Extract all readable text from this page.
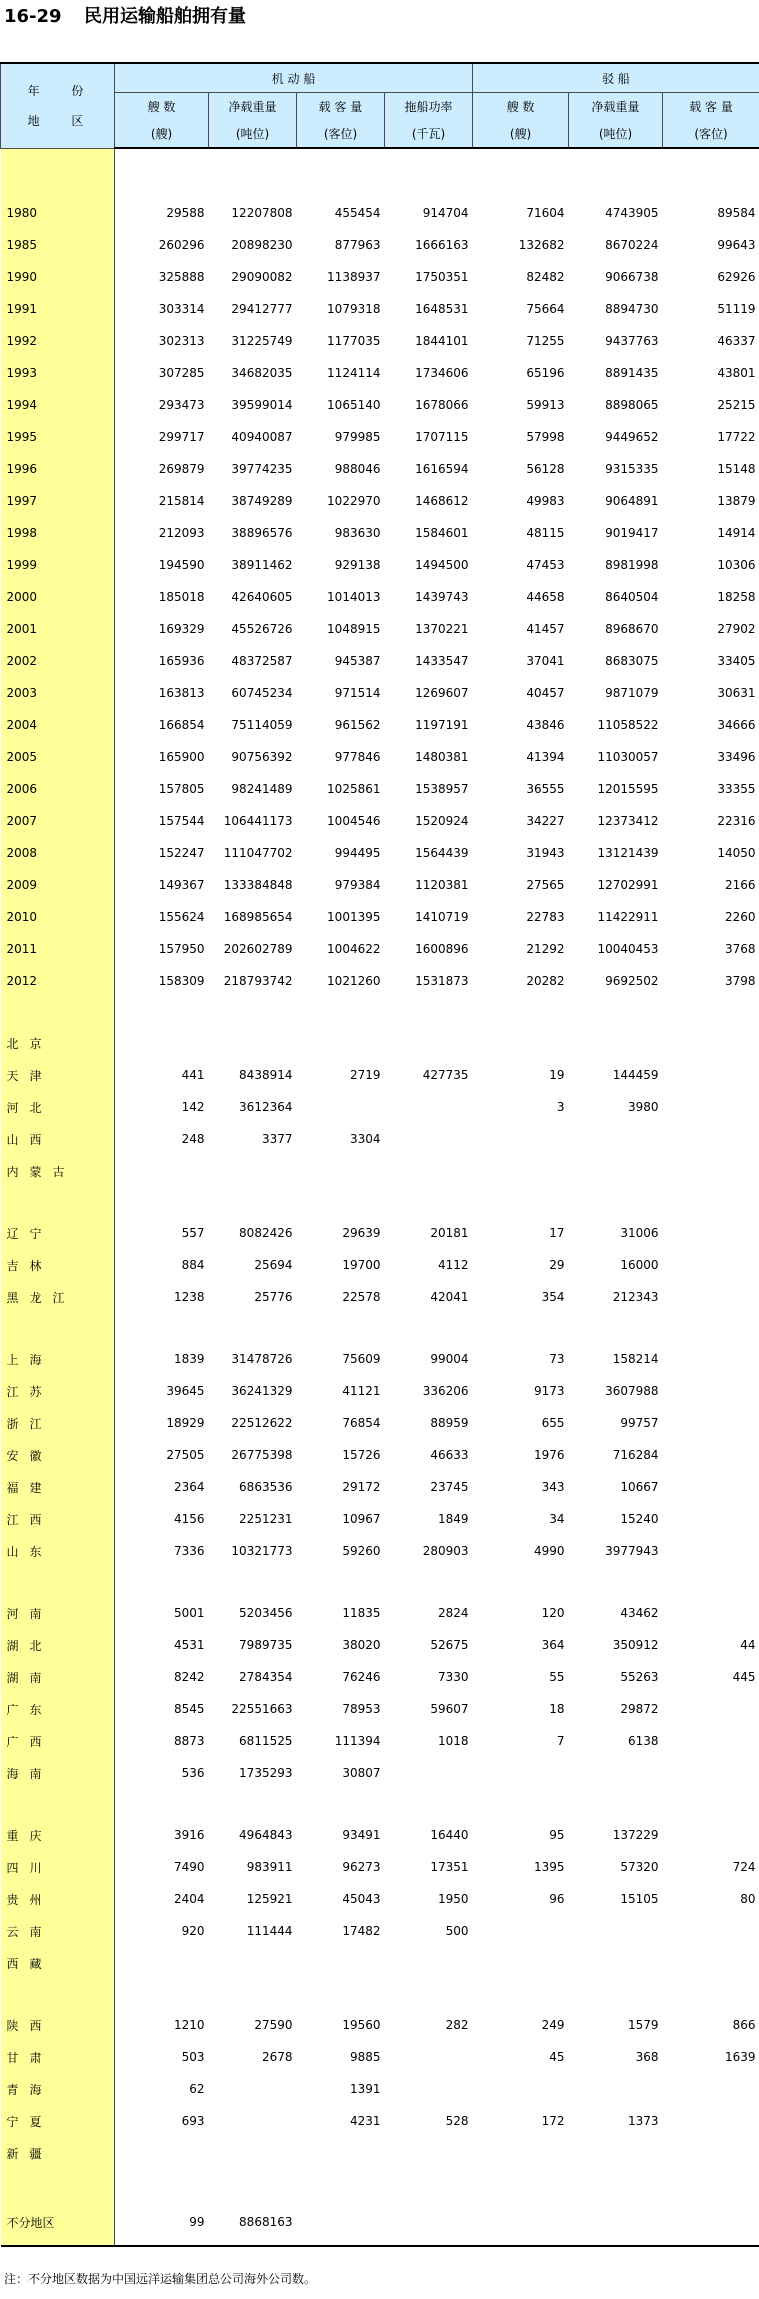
16-29 民用运输船舶拥有量
年 份
地 区	机 动 船				驳 船		
	艘 数	净载重量	载 客 量	拖船功率	艘 数	净载重量	载 客 量
	(艘)	(吨位)	(客位)	(千瓦)	(艘)	(吨位)	(客位)

1980	29588	12207808	455454	914704	71604	4743905	89584
1985	260296	20898230	877963	1666163	132682	8670224	99643
1990	325888	29090082	1138937	1750351	82482	9066738	62926
1991	303314	29412777	1079318	1648531	75664	8894730	51119
1992	302313	31225749	1177035	1844101	71255	9437763	46337
1993	307285	34682035	1124114	1734606	65196	8891435	43801
1994	293473	39599014	1065140	1678066	59913	8898065	25215
1995	299717	40940087	979985	1707115	57998	9449652	17722
1996	269879	39774235	988046	1616594	56128	9315335	15148
1997	215814	38749289	1022970	1468612	49983	9064891	13879
1998	212093	38896576	983630	1584601	48115	9019417	14914
1999	194590	38911462	929138	1494500	47453	8981998	10306
2000	185018	42640605	1014013	1439743	44658	8640504	18258
2001	169329	45526726	1048915	1370221	41457	8968670	27902
2002	165936	48372587	945387	1433547	37041	8683075	33405
2003	163813	60745234	971514	1269607	40457	9871079	30631
2004	166854	75114059	961562	1197191	43846	11058522	34666
2005	165900	90756392	977846	1480381	41394	11030057	33496
2006	157805	98241489	1025861	1538957	36555	12015595	33355
2007	157544	106441173	1004546	1520924	34227	12373412	22316
2008	152247	111047702	994495	1564439	31943	13121439	14050
2009	149367	133384848	979384	1120381	27565	12702991	2166
2010	155624	168985654	1001395	1410719	22783	11422911	2260
2011	157950	202602789	1004622	1600896	21292	10040453	3768
2012	158309	218793742	1021260	1531873	20282	9692502	3798

北京							
天津	441	8438914	2719	427735	19	144459	
河北	142	3612364			3	3980	
山西	248	3377	3304				
内蒙古							

辽宁	557	8082426	29639	20181	17	31006	
吉林	884	25694	19700	4112	29	16000	
黑龙江	1238	25776	22578	42041	354	212343	

上海	1839	31478726	75609	99004	73	158214	
江苏	39645	36241329	41121	336206	9173	3607988	
浙江	18929	22512622	76854	88959	655	99757	
安徽	27505	26775398	15726	46633	1976	716284	
福建	2364	6863536	29172	23745	343	10667	
江西	4156	2251231	10967	1849	34	15240	
山东	7336	10321773	59260	280903	4990	3977943	

河南	5001	5203456	11835	2824	120	43462	
湖北	4531	7989735	38020	52675	364	350912	44
湖南	8242	2784354	76246	7330	55	55263	445
广东	8545	22551663	78953	59607	18	29872	
广西	8873	6811525	111394	1018	7	6138	
海南	536	1735293	30807				

重庆	3916	4964843	93491	16440	95	137229	
四川	7490	983911	96273	17351	1395	57320	724
贵州	2404	125921	45043	1950	96	15105	80
云南	920	111444	17482	500			
西藏							

陕西	1210	27590	19560	282	249	1579	866
甘肃	503	2678	9885		45	368	1639
青海	62		1391				
宁夏	693		4231	528	172	1373	
新疆							

不分地区	99	8868163					
注：不分地区数据为中国远洋运输集团总公司海外公司数。
